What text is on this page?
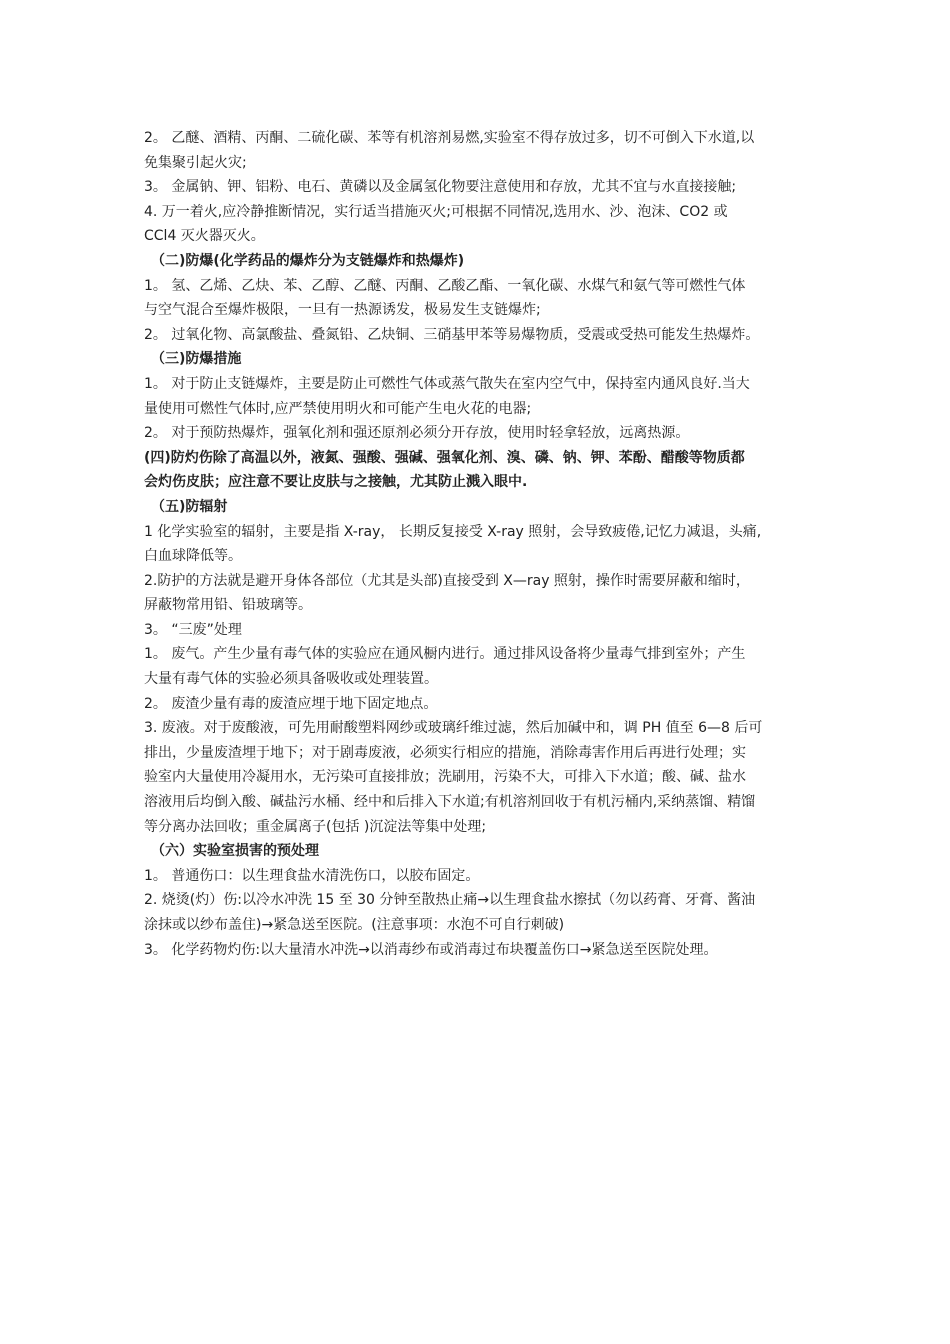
2。 乙醚、酒精、丙酮、二硫化碳、苯等有机溶剂易燃,实验室不得存放过多，切不可倒入下水道,以
免集聚引起火灾;
3。 金属钠、钾、铝粉、电石、黄磷以及金属氢化物要注意使用和存放，尤其不宜与水直接接触;
4. 万一着火,应冷静推断情况，实行适当措施灭火;可根据不同情况,选用水、沙、泡沫、CO2 或
CCl4 灭火器灭火。
（二)防爆(化学药品的爆炸分为支链爆炸和热爆炸)
1。 氢、乙烯、乙炔、苯、乙醇、乙醚、丙酮、乙酸乙酯、一氧化碳、水煤气和氨气等可燃性气体
与空气混合至爆炸极限，一旦有一热源诱发，极易发生支链爆炸;
2。 过氧化物、高氯酸盐、叠氮铅、乙炔铜、三硝基甲苯等易爆物质，受震或受热可能发生热爆炸。
（三)防爆措施
1。 对于防止支链爆炸，主要是防止可燃性气体或蒸气散失在室内空气中，保持室内通风良好.当大
量使用可燃性气体时,应严禁使用明火和可能产生电火花的电器;
2。 对于预防热爆炸，强氧化剂和强还原剂必须分开存放，使用时轻拿轻放，远离热源。
(四)防灼伤除了高温以外，液氮、强酸、强碱、强氧化剂、溴、磷、钠、钾、苯酚、醋酸等物质都
会灼伤皮肤；应注意不要让皮肤与之接触，尤其防止溅入眼中.
（五)防辐射
1 化学实验室的辐射，主要是指 X-ray， 长期反复接受 X-ray 照射，会导致疲倦,记忆力减退，头痛,
白血球降低等。
2.防护的方法就是避开身体各部位（尤其是头部)直接受到 X—ray 照射，操作时需要屏蔽和缩时，
屏蔽物常用铅、铅玻璃等。
3。 “三废”处理
1。 废气。产生少量有毒气体的实验应在通风橱内进行。通过排风设备将少量毒气排到室外；产生
大量有毒气体的实验必须具备吸收或处理装置。
2。 废渣少量有毒的废渣应埋于地下固定地点。
3. 废液。对于废酸液，可先用耐酸塑料网纱或玻璃纤维过滤，然后加碱中和，调 PH 值至 6—8 后可
排出，少量废渣埋于地下；对于剧毒废液，必须实行相应的措施，消除毒害作用后再进行处理；实
验室内大量使用冷凝用水，无污染可直接排放；洗刷用，污染不大，可排入下水道；酸、碱、盐水
溶液用后均倒入酸、碱盐污水桶、经中和后排入下水道;有机溶剂回收于有机污桶内,采纳蒸馏、精馏
等分离办法回收；重金属离子(包括 )沉淀法等集中处理;
（六）实验室损害的预处理
1。 普通伤口：以生理食盐水清洗伤口，以胶布固定。
2. 烧烫(灼）伤:以冷水冲洗 15 至 30 分钟至散热止痛→以生理食盐水擦拭（勿以药膏、牙膏、酱油
涂抹或以纱布盖住)→紧急送至医院。(注意事项：水泡不可自行刺破)
3。 化学药物灼伤:以大量清水冲洗→以消毒纱布或消毒过布块覆盖伤口→紧急送至医院处理。
